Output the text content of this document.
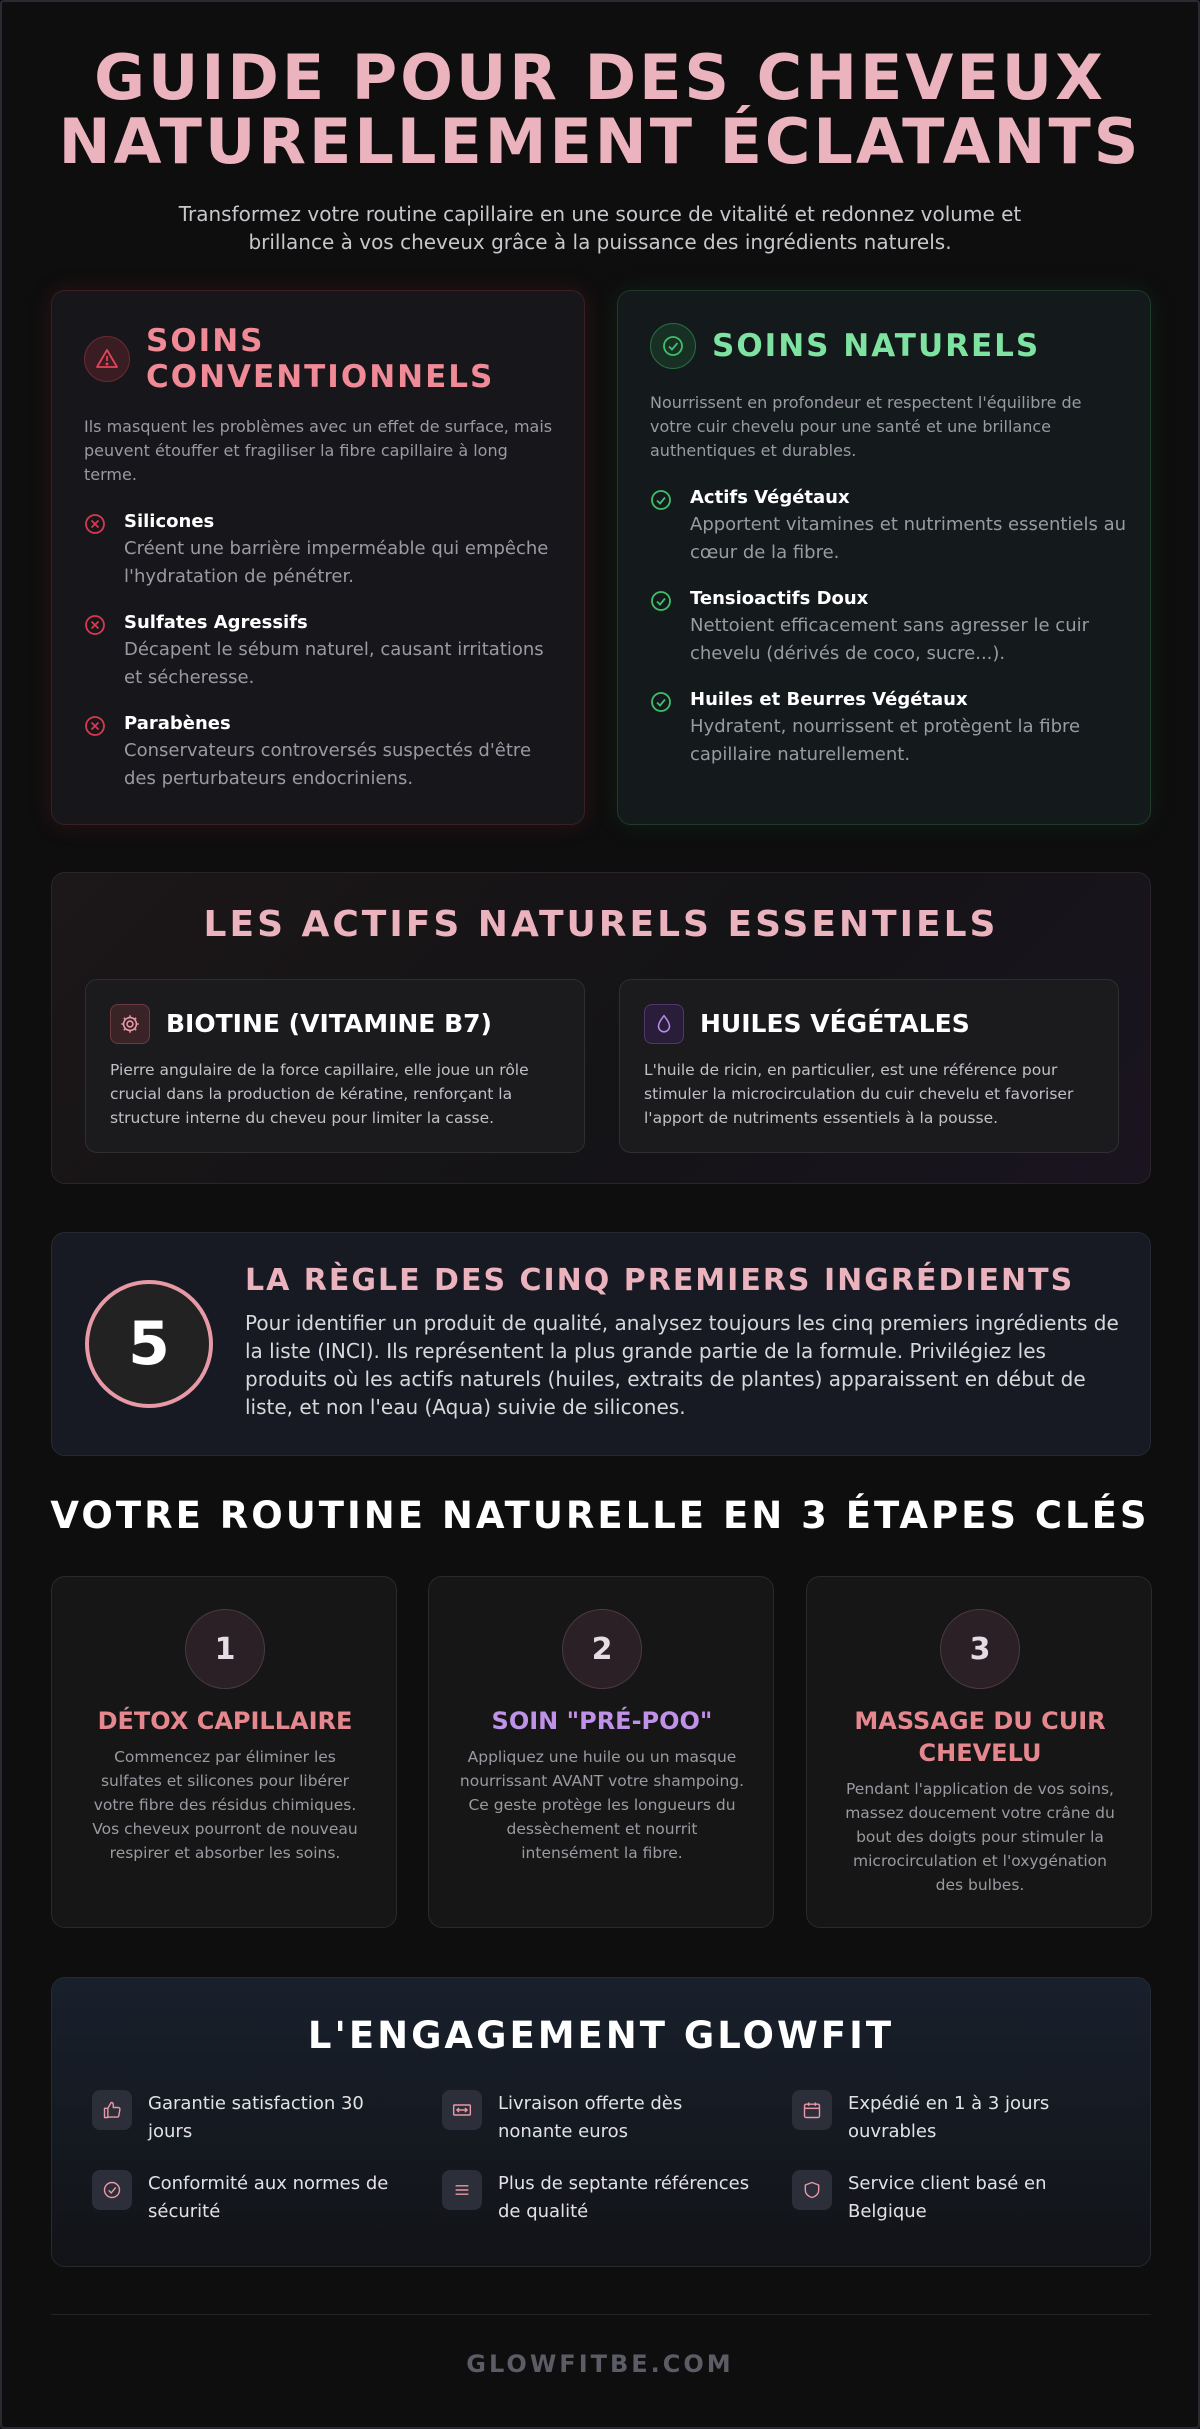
GUIDE POUR DES CHEVEUX
NATURELLEMENT ÉCLATANTS

Transformez votre routine capillaire en une source de vitalité et redonnez volume et brillance à vos cheveux grâce à la puissance des ingrédients naturels.

SOINS CONVENTIONNELS

Ils masquent les problèmes avec un effet de surface, mais peuvent étouffer et fragiliser la fibre capillaire à long terme.

Silicones
Créent une barrière imperméable qui empêche l'hydratation de pénétrer.
Sulfates Agressifs
Décapent le sébum naturel, causant irritations et sécheresse.
Parabènes
Conservateurs controversés suspectés d'être des perturbateurs endocriniens.
SOINS NATURELS

Nourrissent en profondeur et respectent l'équilibre de votre cuir chevelu pour une santé et une brillance authentiques et durables.

Actifs Végétaux
Apportent vitamines et nutriments essentiels au cœur de la fibre.
Tensioactifs Doux
Nettoient efficacement sans agresser le cuir chevelu (dérivés de coco, sucre...).
Huiles et Beurres Végétaux
Hydratent, nourrissent et protègent la fibre capillaire naturellement.
LES ACTIFS NATURELS ESSENTIELS
BIOTINE (VITAMINE B7)

Pierre angulaire de la force capillaire, elle joue un rôle crucial dans la production de kératine, renforçant la structure interne du cheveu pour limiter la casse.

HUILES VÉGÉTALES

L'huile de ricin, en particulier, est une référence pour stimuler la microcirculation du cuir chevelu et favoriser l'apport de nutriments essentiels à la pousse.

5
LA RÈGLE DES CINQ PREMIERS INGRÉDIENTS

Pour identifier un produit de qualité, analysez toujours les cinq premiers ingrédients de la liste (INCI). Ils représentent la plus grande partie de la formule. Privilégiez les produits où les actifs naturels (huiles, extraits de plantes) apparaissent en début de liste, et non l'eau (Aqua) suivie de silicones.

VOTRE ROUTINE NATURELLE EN 3 ÉTAPES CLÉS
1
DÉTOX CAPILLAIRE

Commencez par éliminer les sulfates et silicones pour libérer votre fibre des résidus chimiques. Vos cheveux pourront de nouveau respirer et absorber les soins.

2
SOIN "PRÉ-POO"

Appliquez une huile ou un masque nourrissant AVANT votre shampoing. Ce geste protège les longueurs du dessèchement et nourrit intensément la fibre.

3
MASSAGE DU CUIR CHEVELU

Pendant l'application de vos soins, massez doucement votre crâne du bout des doigts pour stimuler la microcirculation et l'oxygénation des bulbes.

L'ENGAGEMENT GLOWFIT
Garantie satisfaction 30 jours
Livraison offerte dès nonante euros
Expédié en 1 à 3 jours ouvrables
Conformité aux normes de sécurité
Plus de septante références de qualité
Service client basé en Belgique
GLOWFITBE.COM
